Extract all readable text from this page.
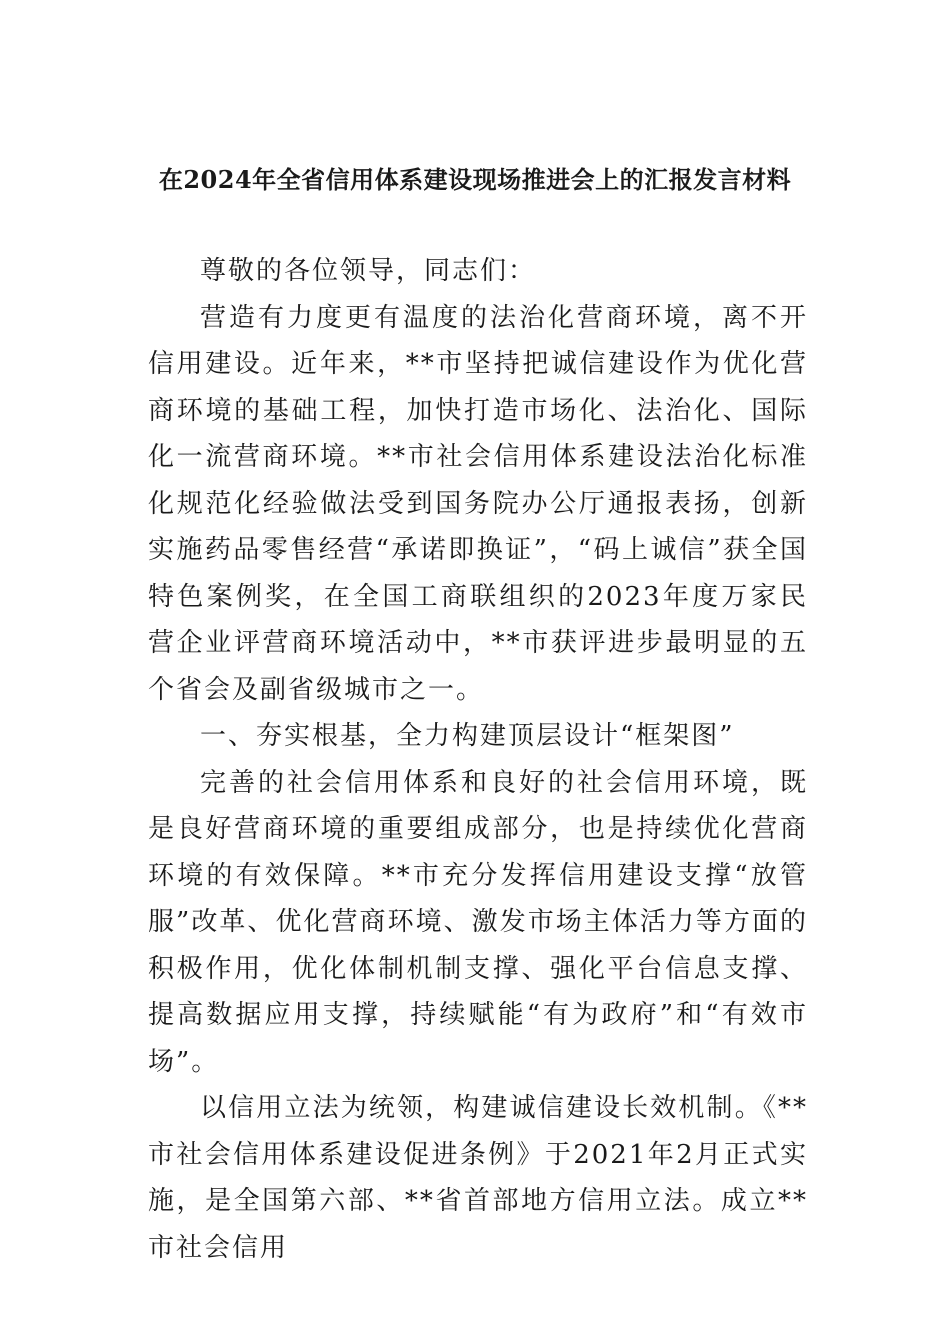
在2024年全省信用体系建设现场推进会上的汇报发言材料

尊敬的各位领导，同志们：

营造有力度更有温度的法治化营商环境，离不开信用建设。近年来，**市坚持把诚信建设作为优化营商环境的基础工程，加快打造市场化、法治化、国际化一流营商环境。**市社会信用体系建设法治化标准化规范化经验做法受到国务院办公厅通报表扬，创新实施药品零售经营“承诺即换证”，“码上诚信”获全国特色案例奖，在全国工商联组织的2023年度万家民营企业评营商环境活动中，**市获评进步最明显的五个省会及副省级城市之一。

一、夯实根基，全力构建顶层设计“框架图”

完善的社会信用体系和良好的社会信用环境，既是良好营商环境的重要组成部分，也是持续优化营商环境的有效保障。**市充分发挥信用建设支撑“放管服”改革、优化营商环境、激发市场主体活力等方面的积极作用，优化体制机制支撑、强化平台信息支撑、提高数据应用支撑，持续赋能“有为政府”和“有效市场”。

以信用立法为统领，构建诚信建设长效机制。《**市社会信用体系建设促进条例》于2021年2月正式实施，是全国第六部、**省首部地方信用立法。成立**市社会信用
